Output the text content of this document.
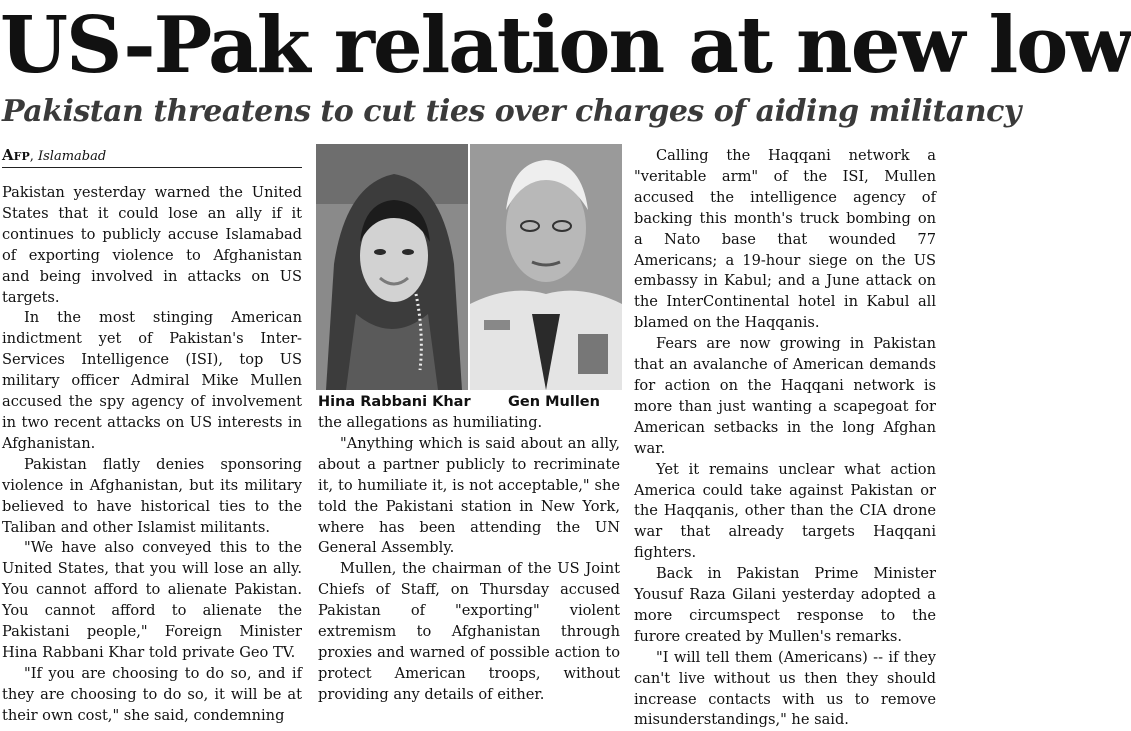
US-Pak relation at new low
Pakistan threatens to cut ties over charges of aiding militancy
Afp, Islamabad

Pakistan yesterday warned the United States that it could lose an ally if it continues to publicly accuse Islamabad of exporting violence to Afghanistan and being involved in attacks on US targets.

In the most stinging American indictment yet of Pakistan's Inter-Services Intelligence (ISI), top US military officer Admiral Mike Mullen accused the spy agency of involvement in two recent attacks on US interests in Afghanistan.

Pakistan flatly denies sponsoring violence in Afghanistan, but its military believed to have historical ties to the Taliban and other Islamist militants.

"We have also conveyed this to the United States, that you will lose an ally. You cannot afford to alienate Pakistan. You cannot afford to alienate the Pakistani people," Foreign Minister Hina Rabbani Khar told private Geo TV.

"If you are choosing to do so, and if they are choosing to do so, it will be at their own cost," she said, condemning

Hina Rabbani Khar	Gen Mullen

the allegations as humiliating.

"Anything which is said about an ally, about a partner publicly to recriminate it, to humiliate it, is not acceptable," she told the Pakistani station in New York, where has been attending the UN General Assembly.

Mullen, the chairman of the US Joint Chiefs of Staff, on Thursday accused Pakistan of "exporting" violent extremism to Afghanistan through proxies and warned of possible action to protect American troops, without providing any details of either.

Calling the Haqqani network a "veritable arm" of the ISI, Mullen accused the intelligence agency of backing this month's truck bombing on a Nato base that wounded 77 Americans; a 19-hour siege on the US embassy in Kabul; and a June attack on the InterContinental hotel in Kabul all blamed on the Haqqanis.

Fears are now growing in Pakistan that an avalanche of American demands for action on the Haqqani network is more than just wanting a scapegoat for American setbacks in the long Afghan war.

Yet it remains unclear what action America could take against Pakistan or the Haqqanis, other than the CIA drone war that already targets Haqqani fighters.

Back in Pakistan Prime Minister Yousuf Raza Gilani yesterday adopted a more circumspect response to the furore created by Mullen's remarks.

"I will tell them (Americans) -- if they can't live without us then they should increase contacts with us to remove misunderstandings," he said.
